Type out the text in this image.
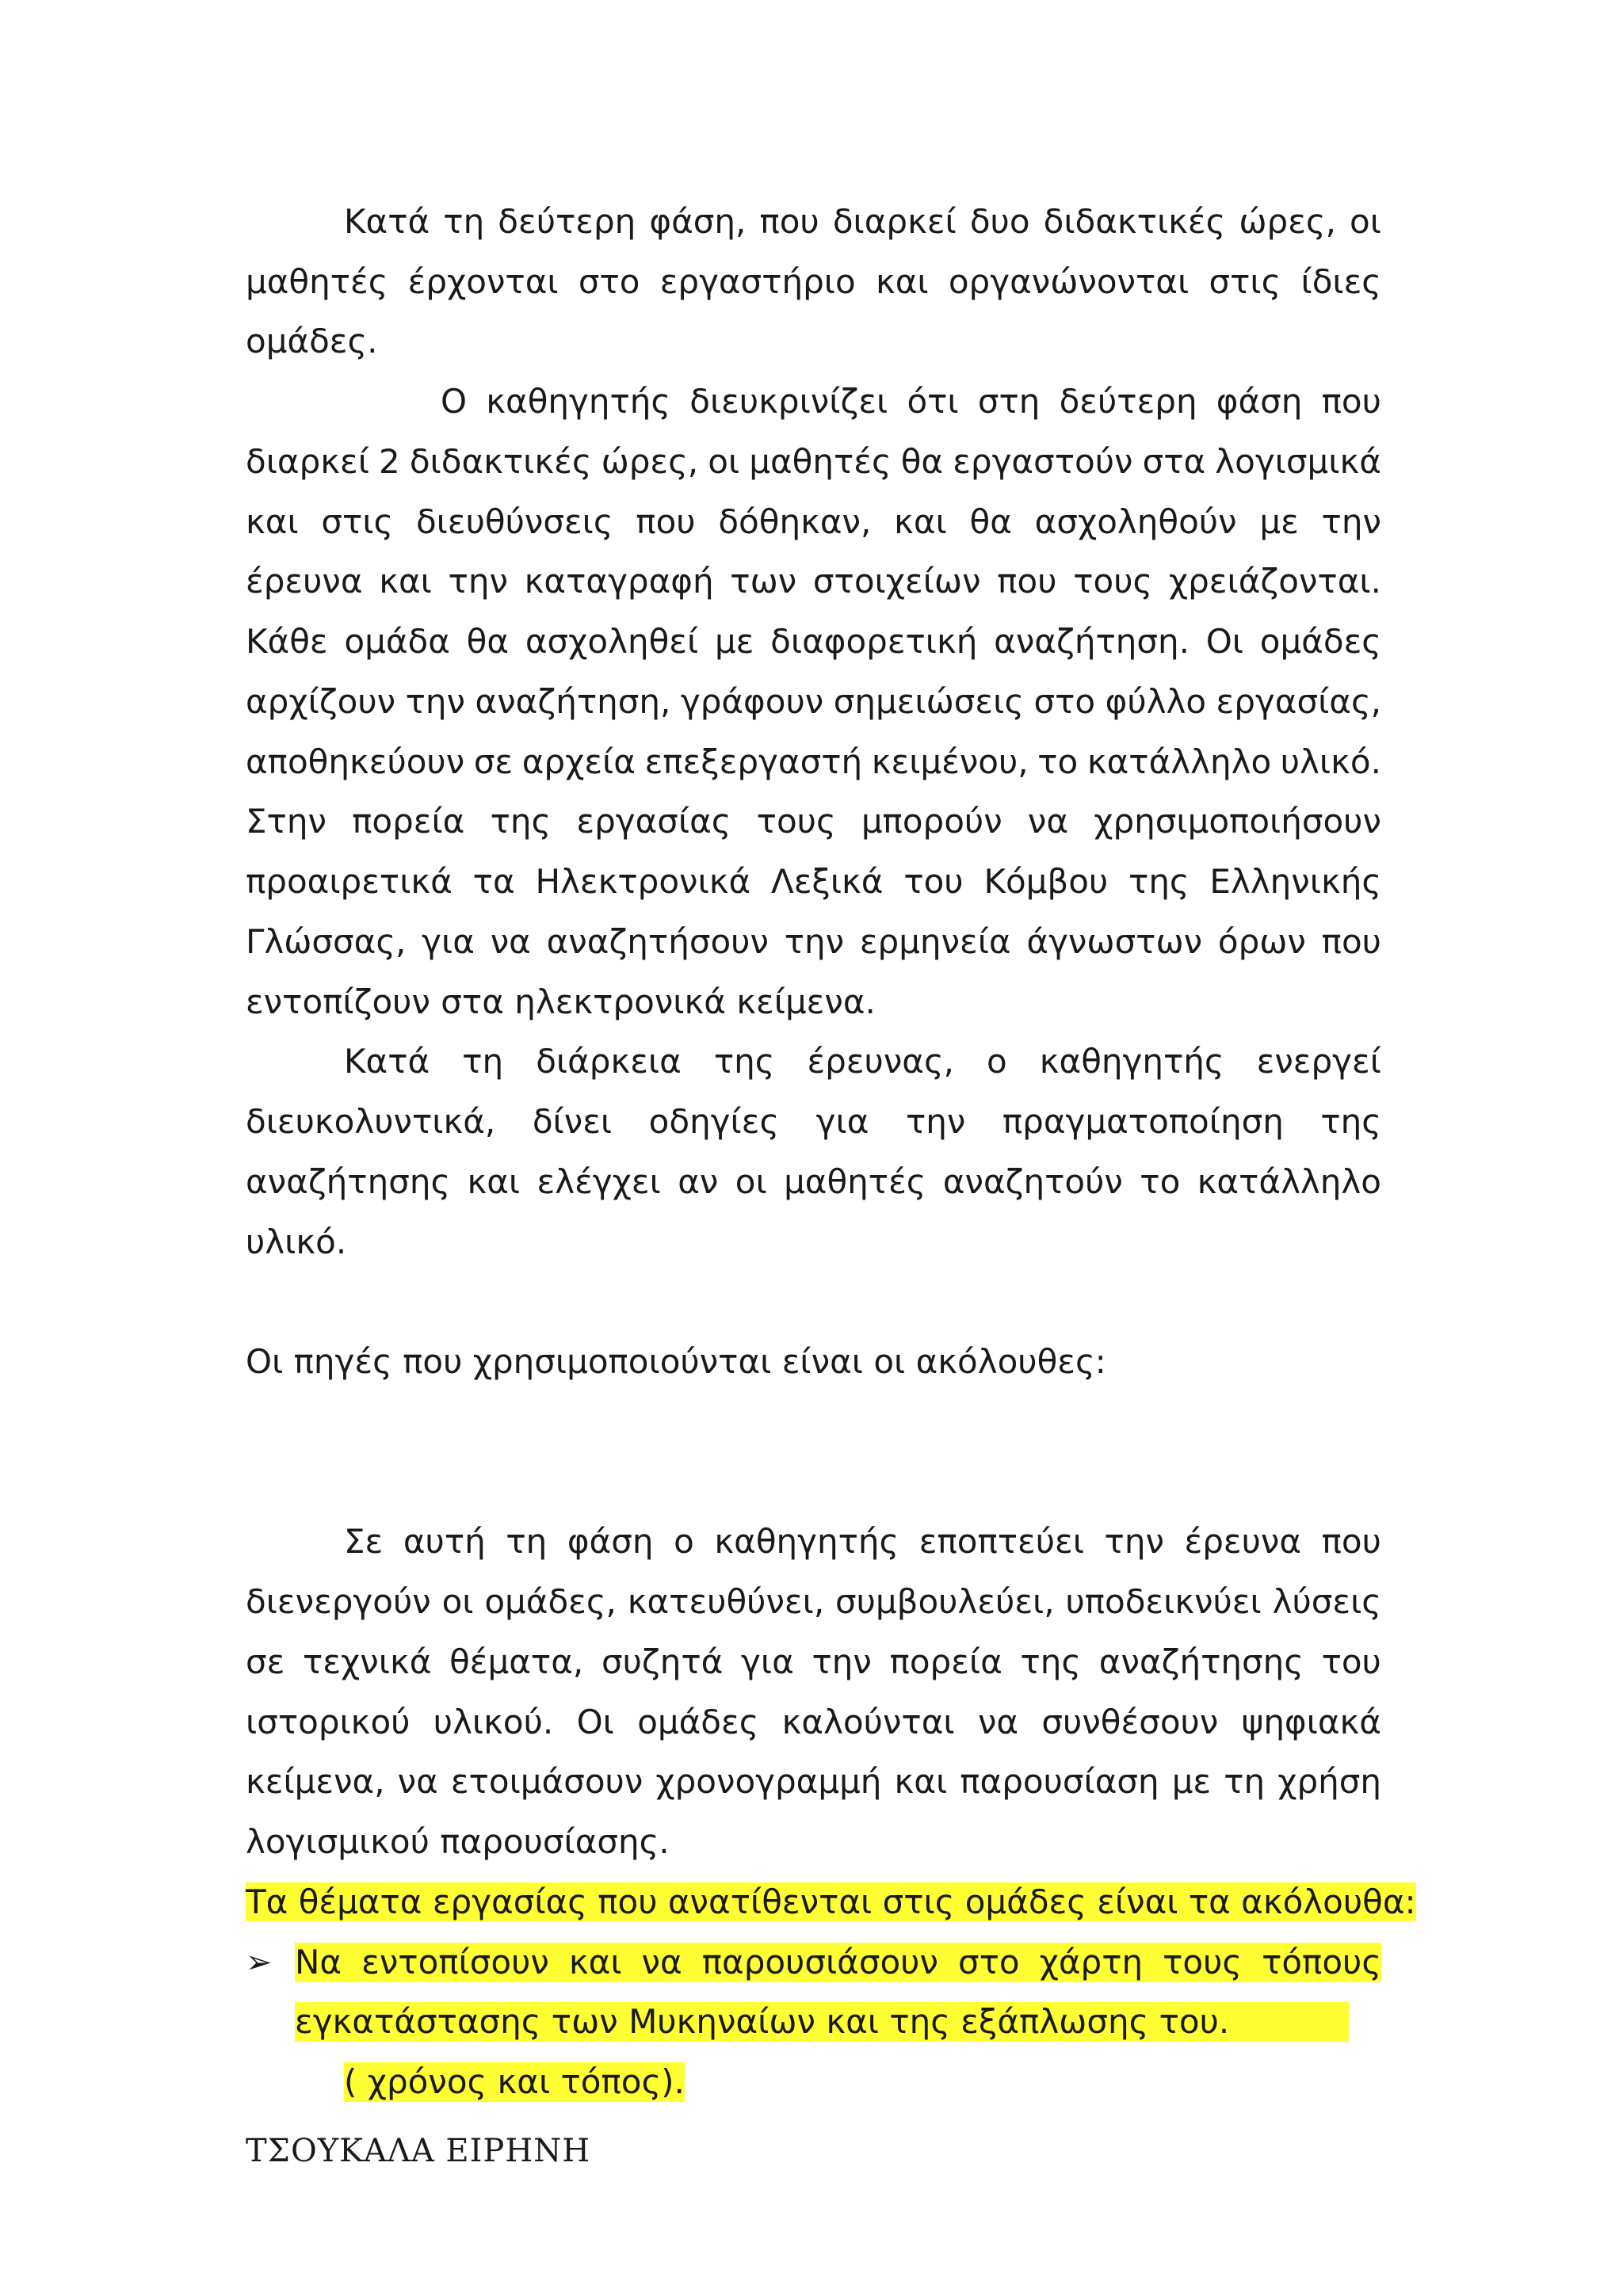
Κατά τη δεύτερη φάση, που διαρκεί δυο διδακτικές ώρες, οι
μαθητές έρχονται στο εργαστήριο και οργανώνονται στις ίδιες
ομάδες.
Ο καθηγητής διευκρινίζει ότι στη δεύτερη φάση που
διαρκεί 2 διδακτικές ώρες, οι μαθητές θα εργαστούν στα λογισμικά
και στις διευθύνσεις που δόθηκαν, και θα ασχοληθούν με την
έρευνα και την καταγραφή των στοιχείων που τους χρειάζονται.
Κάθε ομάδα θα ασχοληθεί με διαφορετική αναζήτηση. Οι ομάδες
αρχίζουν την αναζήτηση, γράφουν σημειώσεις στο φύλλο εργασίας,
αποθηκεύουν σε αρχεία επεξεργαστή κειμένου, το κατάλληλο υλικό.
Στην πορεία της εργασίας τους μπορούν να χρησιμοποιήσουν
προαιρετικά τα Ηλεκτρονικά Λεξικά του Κόμβου της Ελληνικής
Γλώσσας, για να αναζητήσουν την ερμηνεία άγνωστων όρων που
εντοπίζουν στα ηλεκτρονικά κείμενα.
Κατά τη διάρκεια της έρευνας, ο καθηγητής ενεργεί
διευκολυντικά, δίνει οδηγίες για την πραγματοποίηση της
αναζήτησης και ελέγχει αν οι μαθητές αναζητούν το κατάλληλο
υλικό.
Οι πηγές που χρησιμοποιούνται είναι οι ακόλουθες:
Σε αυτή τη φάση ο καθηγητής εποπτεύει την έρευνα που
διενεργούν οι ομάδες, κατευθύνει, συμβουλεύει, υποδεικνύει λύσεις
σε τεχνικά θέματα, συζητά για την πορεία της αναζήτησης του
ιστορικού υλικού. Οι ομάδες καλούνται να συνθέσουν ψηφιακά
κείμενα, να ετοιμάσουν χρονογραμμή και παρουσίαση με τη χρήση
λογισμικού παρουσίασης.
Τα θέματα εργασίας που ανατίθενται στις ομάδες είναι τα ακόλουθα:
➢ Να εντοπίσουν και να παρουσιάσουν στο χάρτη τους τόπους
εγκατάστασης των Μυκηναίων και της εξάπλωσης του.
( χρόνος και τόπος).
ΤΣΟΥΚΑΛΑ ΕΙΡΗΝΗ
